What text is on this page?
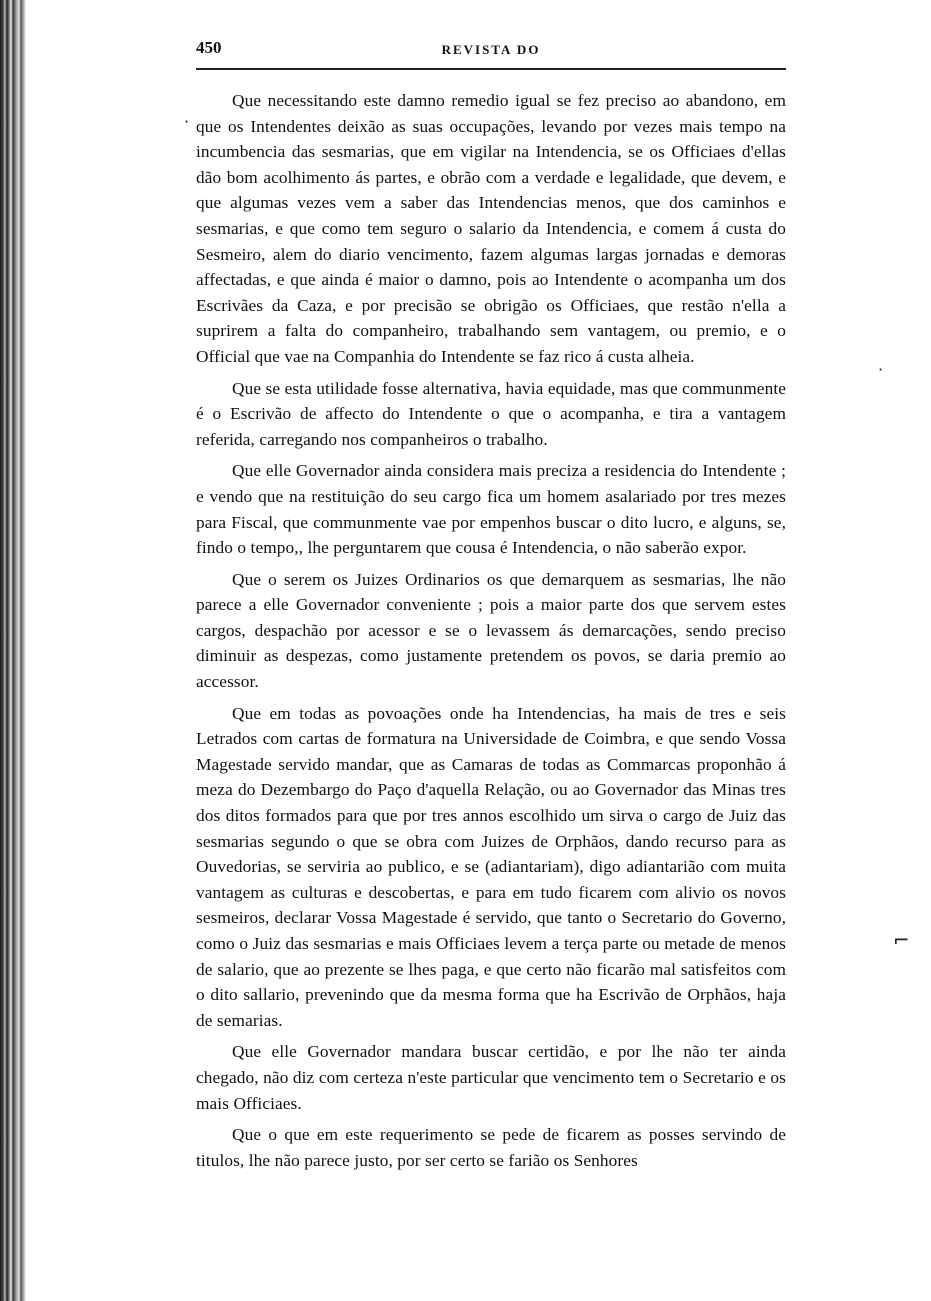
450	REVISTA DO

Que necessitando este damno remedio igual se fez preciso ao abandono, em que os Intendentes deixão as suas occupações, levando por vezes mais tempo na incumbencia das sesmarias, que em vigilar na Intendencia, se os Officiaes d'ellas dão bom acolhimento ás partes, e obrão com a verdade e legalidade, que devem, e que algumas vezes vem a saber das Intendencias menos, que dos caminhos e sesmarias, e que como tem seguro o salario da Intendencia, e comem á custa do Sesmeiro, alem do diario vencimento, fazem algumas largas jornadas e demoras affectadas, e que ainda é maior o damno, pois ao Intendente o acompanha um dos Escrivães da Caza, e por precisão se obrigão os Officiaes, que restão n'ella a suprirem a falta do companheiro, trabalhando sem vantagem, ou premio, e o Official que vae na Companhia do Intendente se faz rico á custa alheia.

Que se esta utilidade fosse alternativa, havia equidade, mas que communmente é o Escrivão de affecto do Intendente o que o acompanha, e tira a vantagem referida, carregando nos companheiros o trabalho.

Que elle Governador ainda considera mais preciza a residencia do Intendente ; e vendo que na restituição do seu cargo fica um homem asalariado por tres mezes para Fiscal, que communmente vae por empenhos buscar o dito lucro, e alguns, se, findo o tempo,, lhe perguntarem que cousa é Intendencia, o não saberão expor.

Que o serem os Juizes Ordinarios os que demarquem as sesmarias, lhe não parece a elle Governador conveniente ; pois a maior parte dos que servem estes cargos, despachão por acessor e se o levassem ás demarcações, sendo preciso diminuir as despezas, como justamente pretendem os povos, se daria premio ao accessor.

Que em todas as povoações onde ha Intendencias, ha mais de tres e seis Letrados com cartas de formatura na Universidade de Coimbra, e que sendo Vossa Magestade servido mandar, que as Camaras de todas as Commarcas proponhão á meza do Dezembargo do Paço d'aquella Relação, ou ao Governador das Minas tres dos ditos formados para que por tres annos escolhido um sirva o cargo de Juiz das sesmarias segundo o que se obra com Juizes de Orphãos, dando recurso para as Ouvedorias, se serviria ao publico, e se (adiantariam), digo adiantarião com muita vantagem as culturas e descobertas, e para em tudo ficarem com alivio os novos sesmeiros, declarar Vossa Magestade é servido, que tanto o Secretario do Governo, como o Juiz das sesmarias e mais Officiaes levem a terça parte ou metade de menos de salario, que ao prezente se lhes paga, e que certo não ficarão mal satisfeitos com o dito sallario, prevenindo que da mesma forma que ha Escrivão de Orphãos, haja de semarias.

Que elle Governador mandara buscar certidão, e por lhe não ter ainda chegado, não diz com certeza n'este particular que vencimento tem o Secretario e os mais Officiaes.

Que o que em este requerimento se pede de ficarem as posses servindo de titulos, lhe não parece justo, por ser certo se farião os Senhores

·
·
⌐
